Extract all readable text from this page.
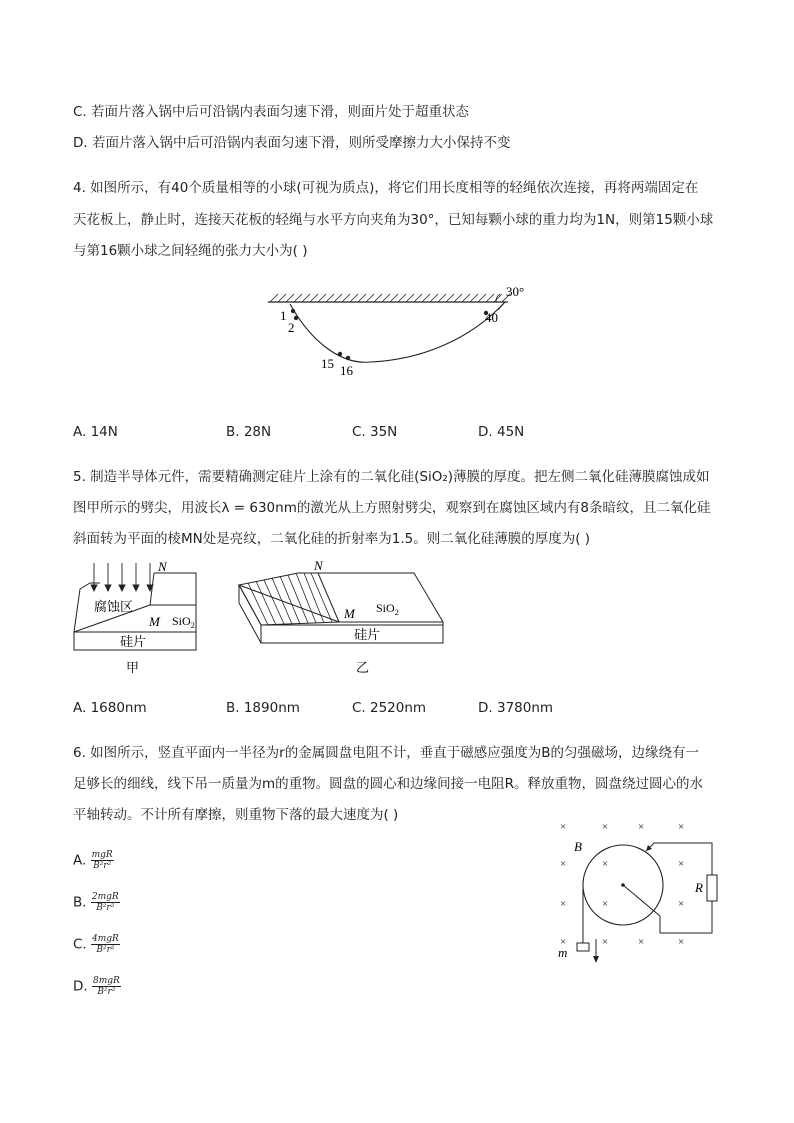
C. 若面片落入锅中后可沿锅内表面匀速下滑，则面片处于超重状态
D. 若面片落入锅中后可沿锅内表面匀速下滑，则所受摩擦力大小保持不变
4. 如图所示，有40个质量相等的小球(可视为质点)，将它们用长度相等的轻绳依次连接，再将两端固定在
天花板上，静止时，连接天花板的轻绳与水平方向夹角为30°，已知每颗小球的重力均为1N，则第15颗小球
与第16颗小球之间轻绳的张力大小为( )
30°
1
2
15 16
40
A. 14N	B. 28N	C. 35N	D. 45N
5. 制造半导体元件，需要精确测定硅片上涂有的二氧化硅(SiO₂)薄膜的厚度。把左侧二氧化硅薄膜腐蚀成如
图甲所示的劈尖，用波长λ = 630nm的激光从上方照射劈尖，观察到在腐蚀区域内有8条暗纹，且二氧化硅
斜面转为平面的棱MN处是亮纹，二氧化硅的折射率为1.5。则二氧化硅薄膜的厚度为( )
N
腐蚀区
M SiO$_2$
硅片
甲
N
M SiO$_2$
硅片
乙
A. 1680nm	B. 1890nm	C. 2520nm	D. 3780nm
6. 如图所示，竖直平面内一半径为r的金属圆盘电阻不计，垂直于磁感应强度为B的匀强磁场，边缘绕有一
足够长的细线，线下吊一质量为m的重物。圆盘的圆心和边缘间接一电阻R。释放重物，圆盘绕过圆心的水
平轴转动。不计所有摩擦，则重物下落的最大速度为( )
×	×	×	×
×	×	×
×	×	×
×	×	×	×
B
R
m
A. $\frac{\text{mgR}}{\text{B²r²}}$
B. $\frac{\text{2mgR}}{\text{B²r²}}$
C. $\frac{\text{4mgR}}{\text{B²r²}}$
D. $\frac{\text{8mgR}}{\text{B²r²}}$
